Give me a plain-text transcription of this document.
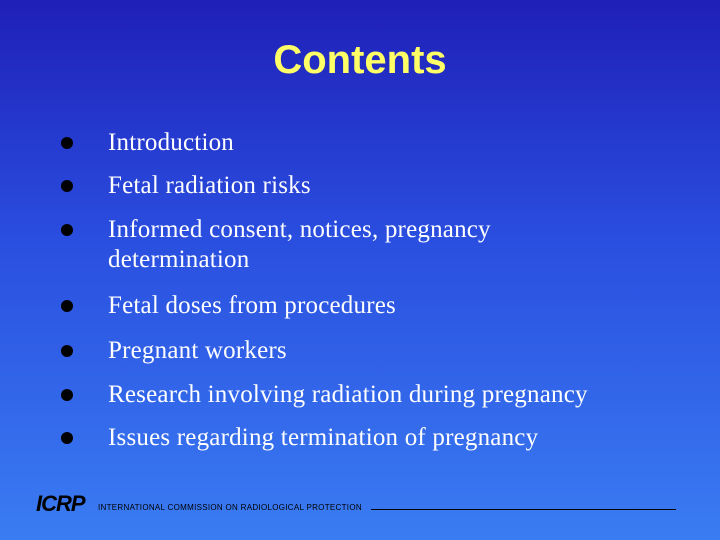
Contents
Introduction
Fetal radiation risks
Informed consent, notices, pregnancy determination
Fetal doses from procedures
Pregnant workers
Research involving radiation during pregnancy
Issues regarding termination of pregnancy
ICRP INTERNATIONAL COMMISSION ON RADIOLOGICAL PROTECTION
